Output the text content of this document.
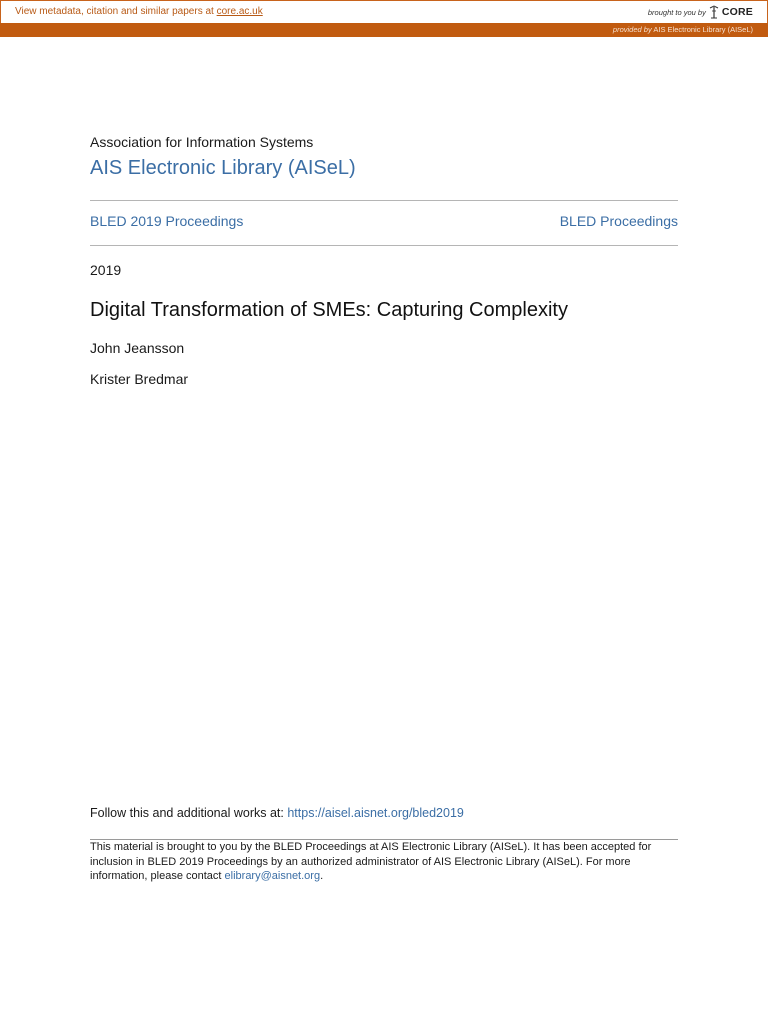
View metadata, citation and similar papers at core.ac.uk	brought to you by CORE
provided by AIS Electronic Library (AISeL)
Association for Information Systems
AIS Electronic Library (AISeL)
BLED 2019 Proceedings	BLED Proceedings
2019
Digital Transformation of SMEs: Capturing Complexity
John Jeansson
Krister Bredmar
Follow this and additional works at: https://aisel.aisnet.org/bled2019
This material is brought to you by the BLED Proceedings at AIS Electronic Library (AISeL). It has been accepted for inclusion in BLED 2019 Proceedings by an authorized administrator of AIS Electronic Library (AISeL). For more information, please contact elibrary@aisnet.org.
